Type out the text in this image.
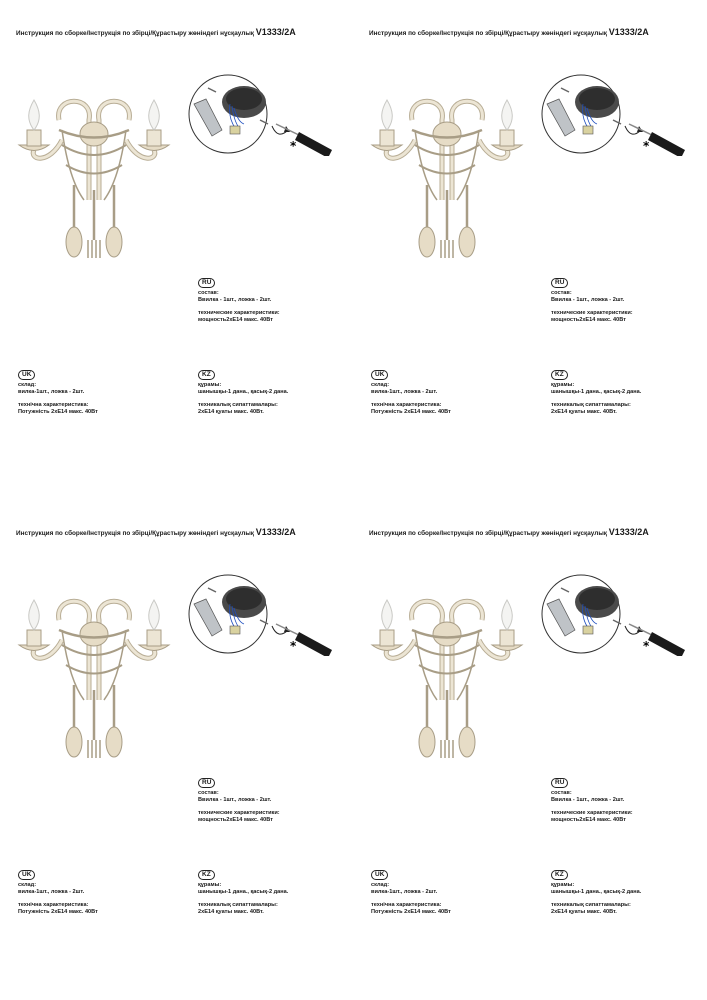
Инструкция по сборке/Інструкція по збірці/Құрастыру жөніндегі нұсқаулық V1333/2A
RU
состав:
Ввилка - 1шт., ложка - 2шт.
технические характеристики:
мощность2хЕ14 макс. 40Вт
UK
склад:
вилка-1шт., ложка - 2шт.
технічна характеристика:
Потужність 2хЕ14 макс. 40Вт
KZ
құрамы:
шанышқы-1 дана., қасық-2 дана.
техникалық сипаттамалары:
2хЕ14 қуаты макс. 40Вт.
Инструкция по сборке/Інструкція по збірці/Құрастыру жөніндегі нұсқаулық V1333/2A
RU
состав:
Ввилка - 1шт., ложка - 2шт.
технические характеристики:
мощность2хЕ14 макс. 40Вт
UK
склад:
вилка-1шт., ложка - 2шт.
технічна характеристика:
Потужність 2хЕ14 макс. 40Вт
KZ
құрамы:
шанышқы-1 дана., қасық-2 дана.
техникалық сипаттамалары:
2хЕ14 қуаты макс. 40Вт.
Инструкция по сборке/Інструкція по збірці/Құрастыру жөніндегі нұсқаулық V1333/2A
RU
состав:
Ввилка - 1шт., ложка - 2шт.
технические характеристики:
мощность2хЕ14 макс. 40Вт
UK
склад:
вилка-1шт., ложка - 2шт.
технічна характеристика:
Потужність 2хЕ14 макс. 40Вт
KZ
құрамы:
шанышқы-1 дана., қасық-2 дана.
техникалық сипаттамалары:
2хЕ14 қуаты макс. 40Вт.
Инструкция по сборке/Інструкція по збірці/Құрастыру жөніндегі нұсқаулық V1333/2A
RU
состав:
Ввилка - 1шт., ложка - 2шт.
технические характеристики:
мощность2хЕ14 макс. 40Вт
UK
склад:
вилка-1шт., ложка - 2шт.
технічна характеристика:
Потужність 2хЕ14 макс. 40Вт
KZ
құрамы:
шанышқы-1 дана., қасық-2 дана.
техникалық сипаттамалары:
2хЕ14 қуаты макс. 40Вт.
